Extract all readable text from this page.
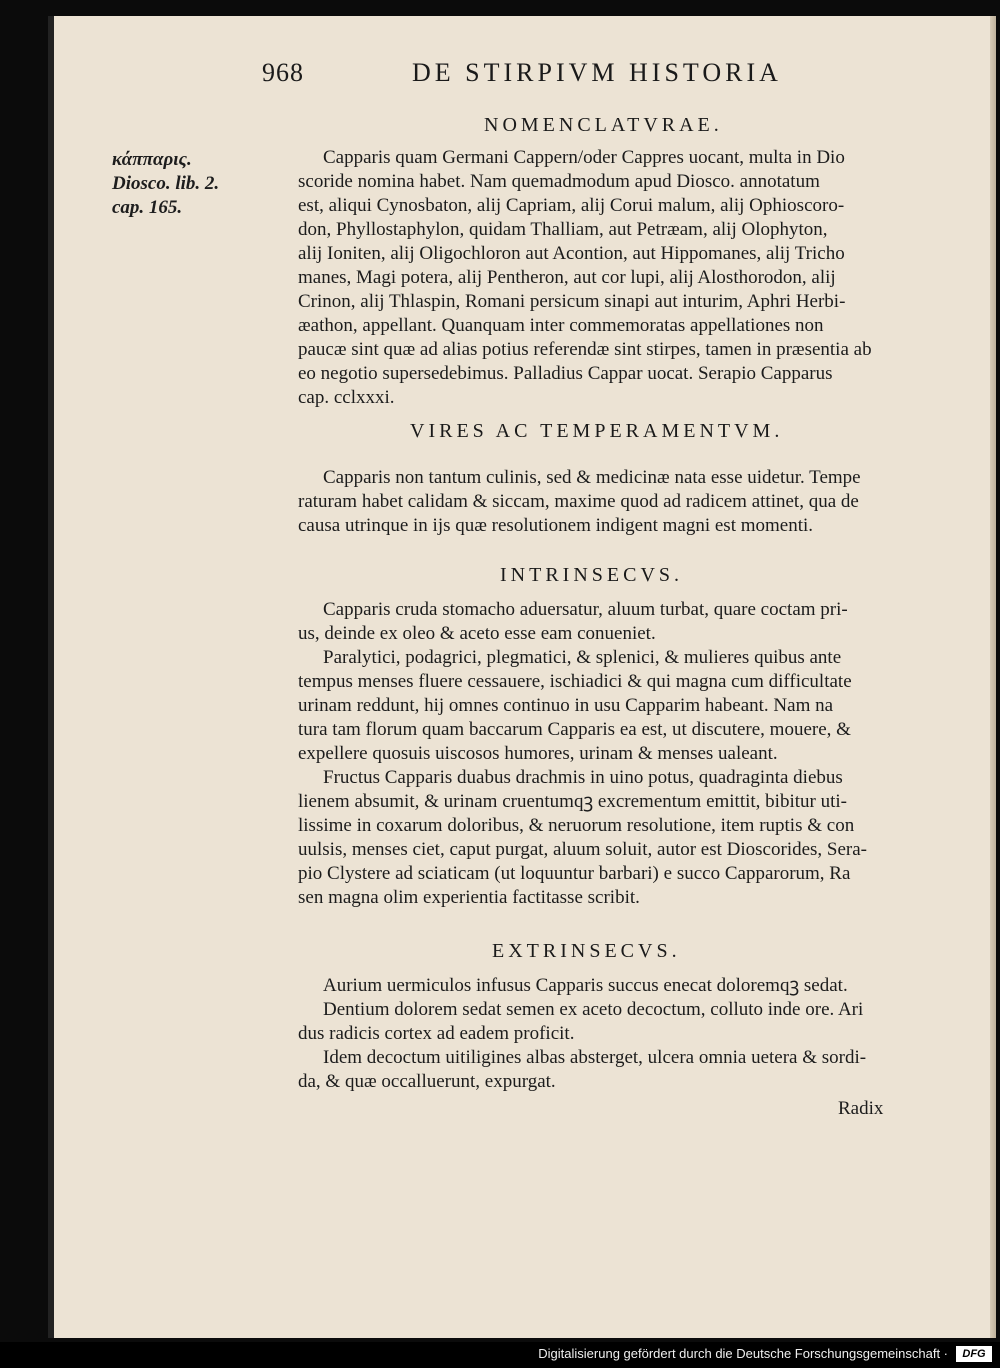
968	DE STIRPIVM HISTORIA
κάππαρις.
Diosco. lib. 2.
cap. 165.
NOMENCLATVRAE.
Capparis quam Germani Cappern/oder Cappres uocant, multa in Dio
scoride nomina habet. Nam quemadmodum apud Diosco. annotatum
est, aliqui Cynosbaton, alij Capriam, alij Corui malum, alij Ophioscoro-
don, Phyllostaphylon, quidam Thalliam, aut Petræam, alij Olophyton,
alij Ioniten, alij Oligochloron aut Acontion, aut Hippomanes, alij Tricho
manes, Magi potera, alij Pentheron, aut cor lupi, alij Alosthorodon, alij
Crinon, alij Thlaspin, Romani persicum sinapi aut inturim, Aphri Herbi-
æathon, appellant. Quanquam inter commemoratas appellationes non
paucæ sint quæ ad alias potius referendæ sint stirpes, tamen in præsentia ab
eo negotio supersedebimus. Palladius Cappar uocat. Serapio Capparus
cap. cclxxxi.
VIRES AC TEMPERAMENTVM.
Capparis non tantum culinis, sed & medicinæ nata esse uidetur. Tempe
raturam habet calidam & siccam, maxime quod ad radicem attinet, qua de
causa utrinque in ijs quæ resolutionem indigent magni est momenti.
INTRINSECVS.
Capparis cruda stomacho aduersatur, aluum turbat, quare coctam pri-
us, deinde ex oleo & aceto esse eam conueniet.
Paralytici, podagrici, plegmatici, & splenici, & mulieres quibus ante
tempus menses fluere cessauere, ischiadici & qui magna cum difficultate
urinam reddunt, hij omnes continuo in usu Capparim habeant. Nam na
tura tam florum quam baccarum Capparis ea est, ut discutere, mouere, &
expellere quosuis uiscosos humores, urinam & menses ualeant.
Fructus Capparis duabus drachmis in uino potus, quadraginta diebus
lienem absumit, & urinam cruentumqꝫ excrementum emittit, bibitur uti-
lissime in coxarum doloribus, & neruorum resolutione, item ruptis & con
uulsis, menses ciet, caput purgat, aluum soluit, autor est Dioscorides, Sera-
pio Clystere ad sciaticam (ut loquuntur barbari) e succo Capparorum, Ra
sen magna olim experientia factitasse scribit.
EXTRINSECVS.
Aurium uermiculos infusus Capparis succus enecat doloremqꝫ sedat.
Dentium dolorem sedat semen ex aceto decoctum, colluto inde ore. Ari
dus radicis cortex ad eadem proficit.
Idem decoctum uitiligines albas absterget, ulcera omnia uetera & sordi-
da, & quæ occalluerunt, expurgat.
Radix
Digitalisierung gefördert durch die Deutsche Forschungsgemeinschaft ·	DFG
